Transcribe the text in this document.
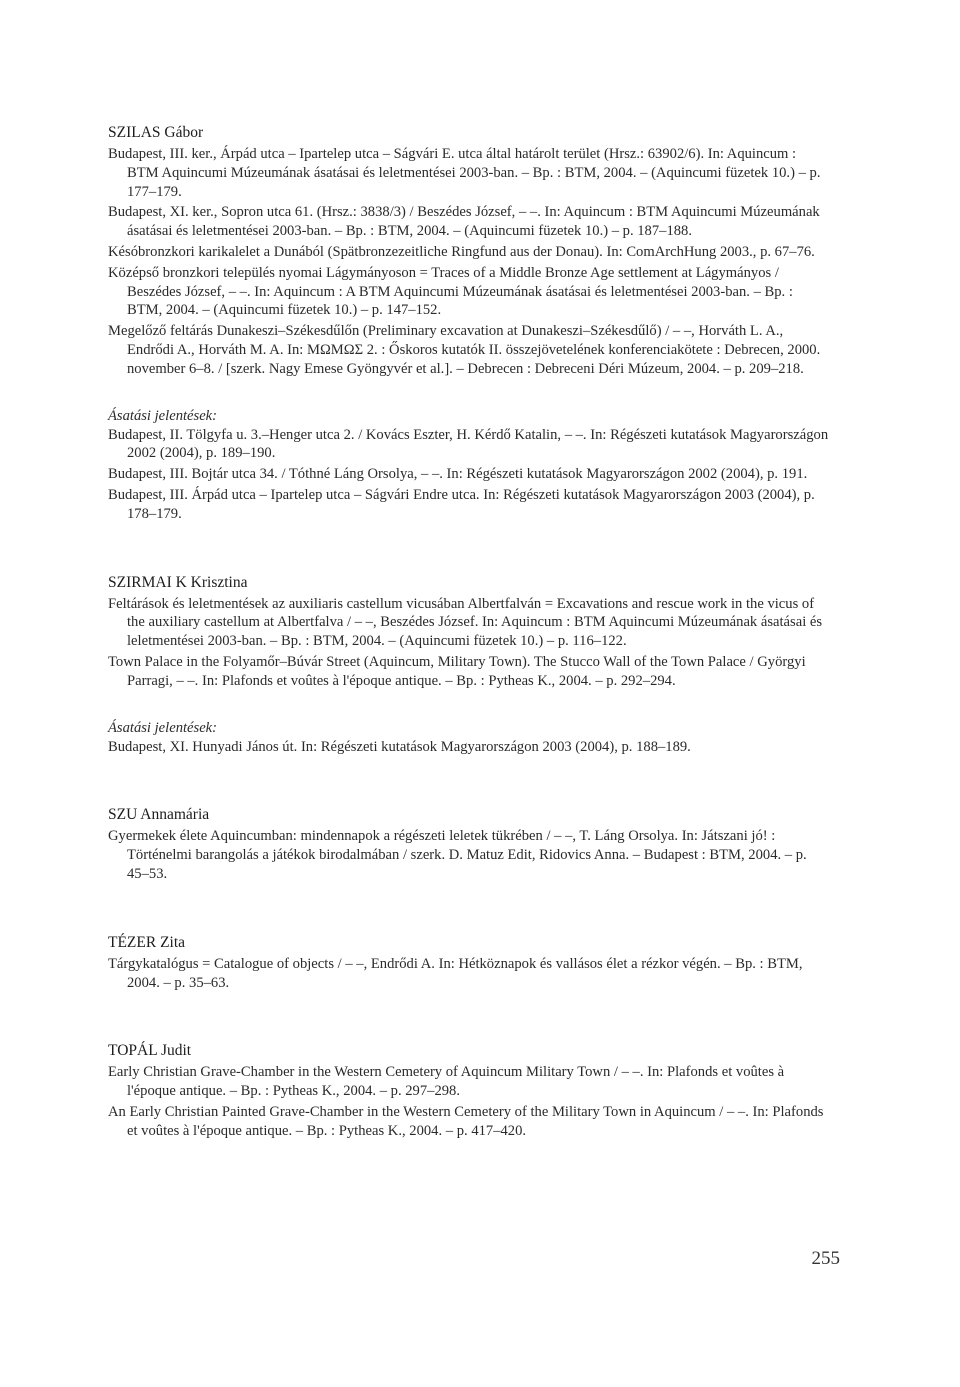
SZILAS Gábor

Budapest, III. ker., Árpád utca – Ipartelep utca – Ságvári E. utca által határolt terület (Hrsz.: 63902/6). In: Aquincum : BTM Aquincumi Múzeumának ásatásai és leletmentései 2003-ban. – Bp. : BTM, 2004. – (Aquincumi füzetek 10.) – p. 177–179.

Budapest, XI. ker., Sopron utca 61. (Hrsz.: 3838/3) / Beszédes József, – –. In: Aquincum : BTM Aquincumi Múzeumának ásatásai és leletmentései 2003-ban. – Bp. : BTM, 2004. – (Aquincumi füzetek 10.) – p. 187–188.

Késóbronzkori karikalelet a Dunából (Spätbronzezeitliche Ringfund aus der Donau). In: ComArchHung 2003., p. 67–76.

Középső bronzkori település nyomai Lágymányoson = Traces of a Middle Bronze Age settlement at Lágymányos / Beszédes József, – –. In: Aquincum : A BTM Aquincumi Múzeumának ásatásai és leletmentései 2003-ban. – Bp. : BTM, 2004. – (Aquincumi füzetek 10.) – p. 147–152.

Megelőző feltárás Dunakeszi–Székesdűlőn (Preliminary excavation at Dunakeszi–Székesdűlő) / – –, Horváth L. A., Endrődi A., Horváth M. A. In: ΜΩΜΩΣ 2. : Őskoros kutatók II. összejövetelének konferenciakötete : Debrecen, 2000. november 6–8. / [szerk. Nagy Emese Gyöngyvér et al.]. – Debrecen : Debreceni Déri Múzeum, 2004. – p. 209–218.

Ásatási jelentések:

Budapest, II. Tölgyfa u. 3.–Henger utca 2. / Kovács Eszter, H. Kérdő Katalin, – –. In: Régészeti kutatások Magyarországon 2002 (2004), p. 189–190.

Budapest, III. Bojtár utca 34. / Tóthné Láng Orsolya, – –. In: Régészeti kutatások Magyarországon 2002 (2004), p. 191.

Budapest, III. Árpád utca – Ipartelep utca – Ságvári Endre utca. In: Régészeti kutatások Magyarországon 2003 (2004), p. 178–179.

SZIRMAI K Krisztina

Feltárások és leletmentések az auxiliaris castellum vicusában Albertfalván = Excavations and rescue work in the vicus of the auxiliary castellum at Albertfalva / – –, Beszédes József. In: Aquincum : BTM Aquincumi Múzeumának ásatásai és leletmentései 2003-ban. – Bp. : BTM, 2004. – (Aquincumi füzetek 10.) – p. 116–122.

Town Palace in the Folyamőr–Búvár Street (Aquincum, Military Town). The Stucco Wall of the Town Palace / Györgyi Parragi, – –. In: Plafonds et voûtes à l'époque antique. – Bp. : Pytheas K., 2004. – p. 292–294.

Ásatási jelentések:

Budapest, XI. Hunyadi János út. In: Régészeti kutatások Magyarországon 2003 (2004), p. 188–189.

SZU Annamária

Gyermekek élete Aquincumban: mindennapok a régészeti leletek tükrében / – –, T. Láng Orsolya. In: Játszani jó! : Történelmi barangolás a játékok birodalmában / szerk. D. Matuz Edit, Ridovics Anna. – Budapest : BTM, 2004. – p. 45–53.

TÉZER Zita

Tárgykatalógus = Catalogue of objects / – –, Endrődi A. In: Hétköznapok és vallásos élet a rézkor végén. – Bp. : BTM, 2004. – p. 35–63.

TOPÁL Judit

Early Christian Grave-Chamber in the Western Cemetery of Aquincum Military Town / – –. In: Plafonds et voûtes à l'époque antique. – Bp. : Pytheas K., 2004. – p. 297–298.

An Early Christian Painted Grave-Chamber in the Western Cemetery of the Military Town in Aquincum / – –. In: Plafonds et voûtes à l'époque antique. – Bp. : Pytheas K., 2004. – p. 417–420.

255
